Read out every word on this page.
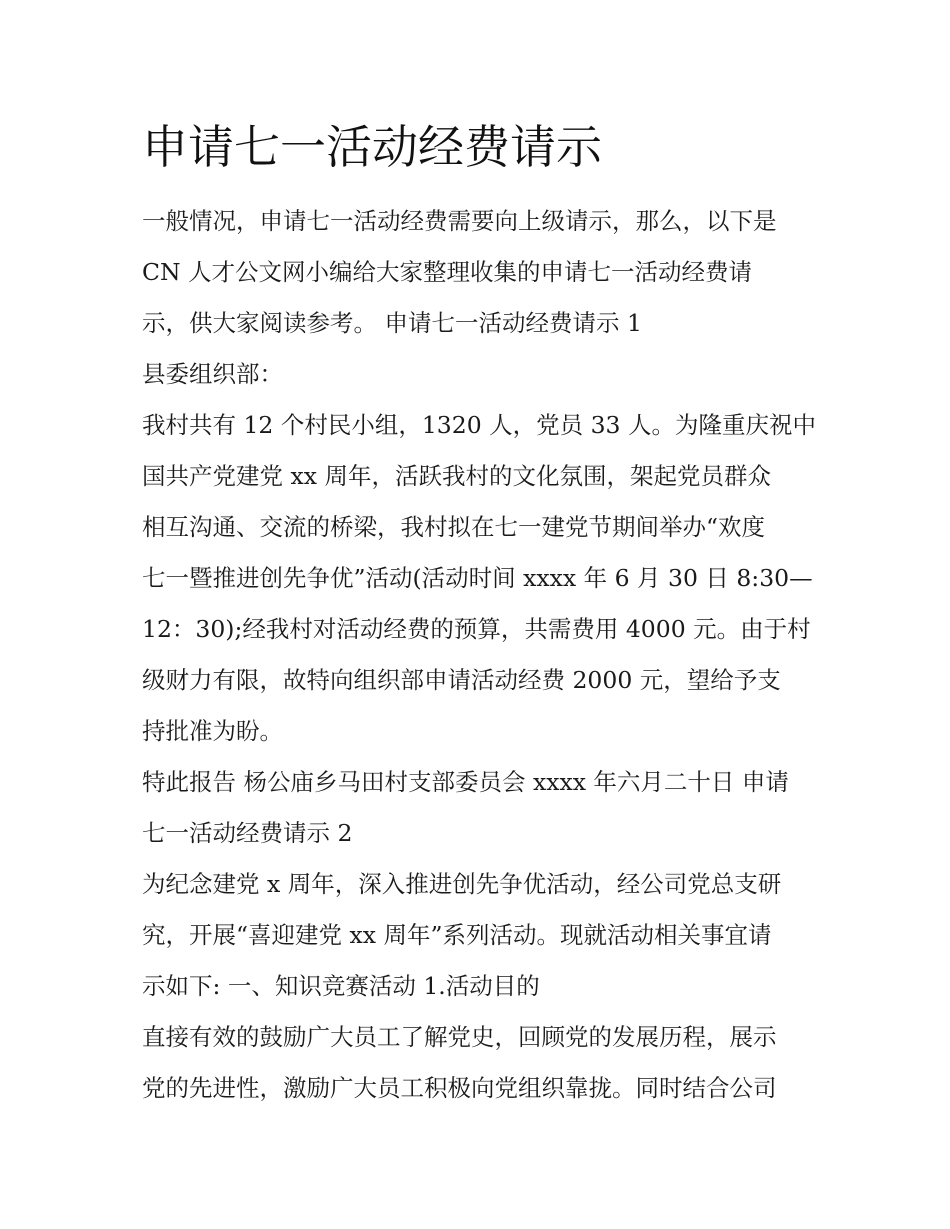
申请七一活动经费请示
一般情况，申请七一活动经费需要向上级请示，那么，以下是
CN 人才公文网小编给大家整理收集的申请七一活动经费请
示，供大家阅读参考。 申请七一活动经费请示 1
县委组织部：
我村共有 12 个村民小组，1320 人，党员 33 人。为隆重庆祝中
国共产党建党 xx 周年，活跃我村的文化氛围，架起党员群众
相互沟通、交流的桥梁，我村拟在七一建党节期间举办“欢度
七一暨推进创先争优”活动(活动时间 xxxx 年 6 月 30 日 8:30—
12：30);经我村对活动经费的预算，共需费用 4000 元。由于村
级财力有限，故特向组织部申请活动经费 2000 元，望给予支
持批准为盼。
特此报告 杨公庙乡马田村支部委员会 xxxx 年六月二十日 申请
七一活动经费请示 2
为纪念建党 x 周年，深入推进创先争优活动，经公司党总支研
究，开展“喜迎建党 xx 周年”系列活动。现就活动相关事宜请
示如下: 一、知识竞赛活动 1.活动目的
直接有效的鼓励广大员工了解党史，回顾党的发展历程，展示
党的先进性，激励广大员工积极向党组织靠拢。同时结合公司
